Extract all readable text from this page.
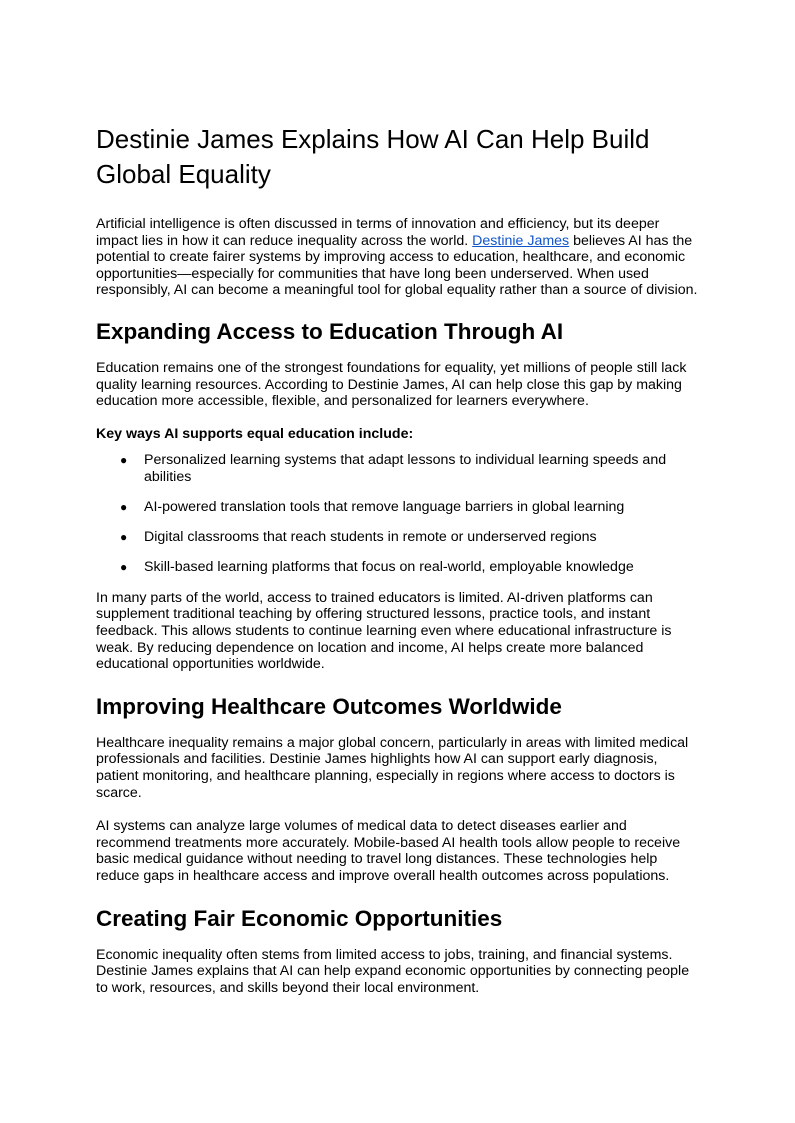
Destinie James Explains How AI Can Help Build Global Equality

Artificial intelligence is often discussed in terms of innovation and efficiency, but its deeper impact lies in how it can reduce inequality across the world. Destinie James believes AI has the potential to create fairer systems by improving access to education, healthcare, and economic opportunities—especially for communities that have long been underserved. When used responsibly, AI can become a meaningful tool for global equality rather than a source of division.

Expanding Access to Education Through AI

Education remains one of the strongest foundations for equality, yet millions of people still lack quality learning resources. According to Destinie James, AI can help close this gap by making education more accessible, flexible, and personalized for learners everywhere.

Key ways AI supports equal education include:

● Personalized learning systems that adapt lessons to individual learning speeds and abilities
● AI-powered translation tools that remove language barriers in global learning
● Digital classrooms that reach students in remote or underserved regions
● Skill-based learning platforms that focus on real-world, employable knowledge

In many parts of the world, access to trained educators is limited. AI-driven platforms can supplement traditional teaching by offering structured lessons, practice tools, and instant feedback. This allows students to continue learning even where educational infrastructure is weak. By reducing dependence on location and income, AI helps create more balanced educational opportunities worldwide.

Improving Healthcare Outcomes Worldwide

Healthcare inequality remains a major global concern, particularly in areas with limited medical professionals and facilities. Destinie James highlights how AI can support early diagnosis, patient monitoring, and healthcare planning, especially in regions where access to doctors is scarce.

AI systems can analyze large volumes of medical data to detect diseases earlier and recommend treatments more accurately. Mobile-based AI health tools allow people to receive basic medical guidance without needing to travel long distances. These technologies help reduce gaps in healthcare access and improve overall health outcomes across populations.

Creating Fair Economic Opportunities

Economic inequality often stems from limited access to jobs, training, and financial systems. Destinie James explains that AI can help expand economic opportunities by connecting people to work, resources, and skills beyond their local environment.
